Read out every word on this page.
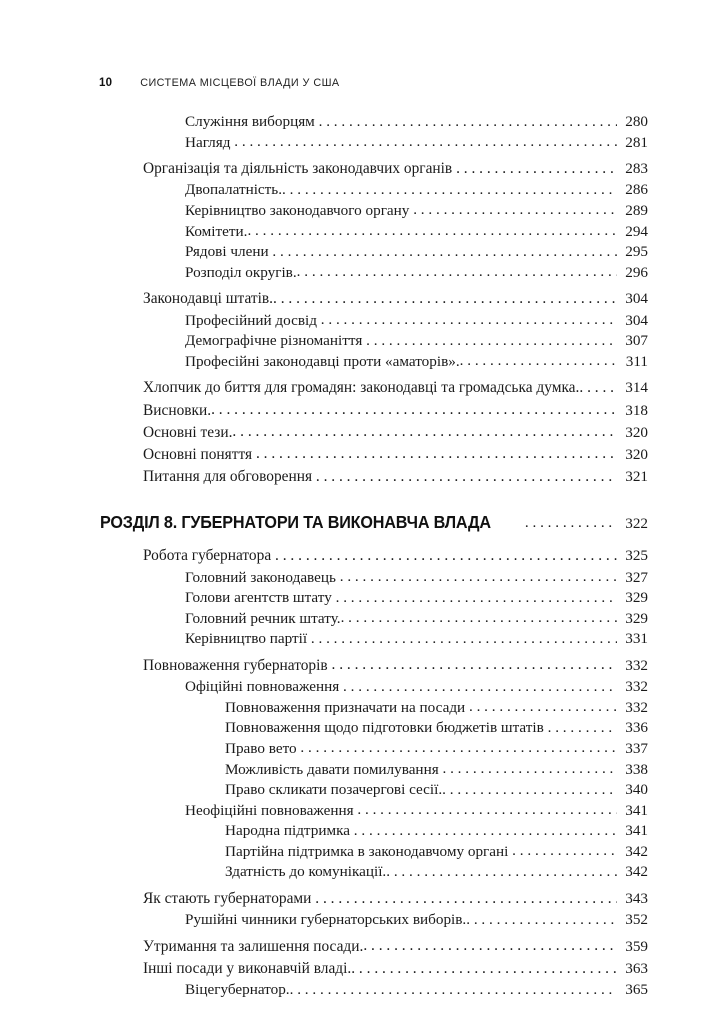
10	СИСТЕМА МІСЦЕВОЇ ВЛАДИ У США
Служіння виборцям . . .	280
Нагляд . . .	281
Організація та діяльність законодавчих органів . . .	283
Двопалатність. . . .	286
Керівництво законодавчого органу . . .	289
Комітети. . . .	294
Рядові члени . . .	295
Розподіл округів. . . .	296
Законодавці штатів. . . .	304
Професійний досвід . . .	304
Демографічне різноманіття . . .	307
Професійні законодавці проти «аматорів». . . .	311
Хлопчик до биття для громадян: законодавці та громадська думка. . . .	314
Висновки. . . .	318
Основні тези. . . .	320
Основні поняття . . .	320
Питання для обговорення . . .	321
РОЗДІЛ 8. ГУБЕРНАТОРИ ТА ВИКОНАВЧА ВЛАДА . . .	322
Робота губернатора . . .	325
Головний законодавець . . .	327
Голови агентств штату . . .	329
Головний речник штату. . . .	329
Керівництво партії . . .	331
Повноваження губернаторів . . .	332
Офіційні повноваження . . .	332
Повноваження призначати на посади . . .	332
Повноваження щодо підготовки бюджетів штатів . . .	336
Право вето . . .	337
Можливість давати помилування . . .	338
Право скликати позачергові сесії. . . .	340
Неофіційні повноваження . . .	341
Народна підтримка . . .	341
Партійна підтримка в законодавчому органі . . .	342
Здатність до комунікації. . . .	342
Як стають губернаторами . . .	343
Рушійні чинники губернаторських виборів. . . .	352
Утримання та залишення посади. . . .	359
Інші посади у виконавчій владі. . . .	363
Віцегубернатор. . . .	365
